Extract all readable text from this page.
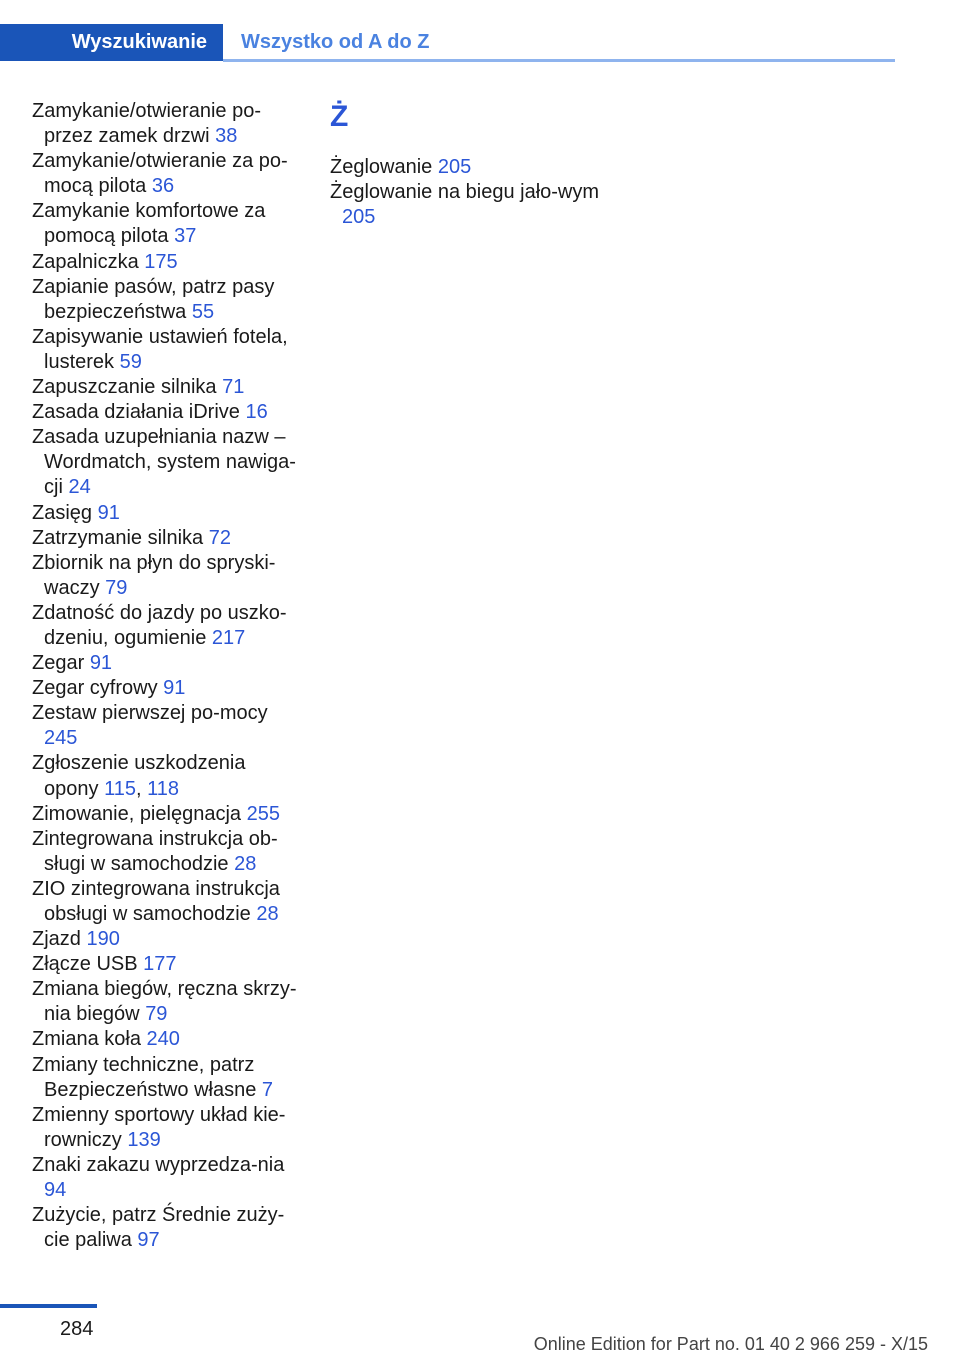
Wyszukiwanie	Wszystko od A do Z

Zamykanie/otwieranie po-przez zamek drzwi 38

Zamykanie/otwieranie za po-mocą pilota 36

Zamykanie komfortowe za pomocą pilota 37

Zapalniczka 175

Zapianie pasów, patrz pasy bezpieczeństwa 55

Zapisywanie ustawień fotela, lusterek 59

Zapuszczanie silnika 71

Zasada działania iDrive 16

Zasada uzupełniania nazw – Wordmatch, system nawiga-cji 24

Zasięg 91

Zatrzymanie silnika 72

Zbiornik na płyn do spryski-waczy 79

Zdatność do jazdy po uszko-dzeniu, ogumienie 217

Zegar 91

Zegar cyfrowy 91

Zestaw pierwszej po-mocy 245

Zgłoszenie uszkodzenia opony 115, 118

Zimowanie, pielęgnacja 255

Zintegrowana instrukcja ob-sługi w samochodzie 28

ZIO zintegrowana instrukcja obsługi w samochodzie 28

Zjazd 190

Złącze USB 177

Zmiana biegów, ręczna skrzy-nia biegów 79

Zmiana koła 240

Zmiany techniczne, patrz Bezpieczeństwo własne 7

Zmienny sportowy układ kie-rowniczy 139

Znaki zakazu wyprzedza-nia 94

Zużycie, patrz Średnie zuży-cie paliwa 97

Ż

Żeglowanie 205

Żeglowanie na biegu jało-wym 205

284
Online Edition for Part no. 01 40 2 966 259 - X/15
